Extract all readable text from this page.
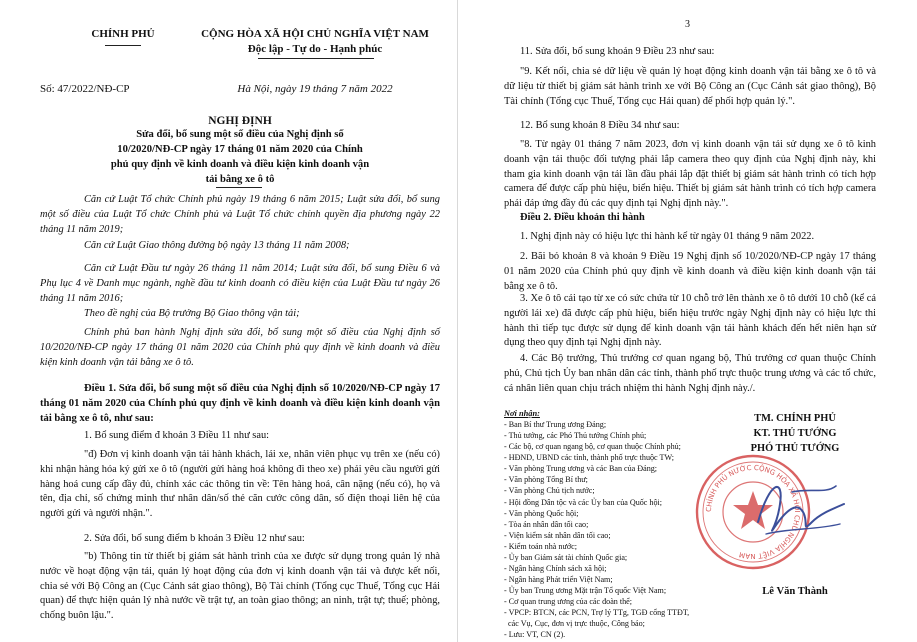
CHÍNH PHỦ	CỘNG HÒA XÃ HỘI CHỦ NGHĨA VIỆT NAM
Độc lập - Tự do - Hạnh phúc
Số: 47/2022/NĐ-CP	Hà Nội, ngày 19 tháng 7 năm 2022
NGHỊ ĐỊNH
Sửa đổi, bổ sung một số điều của Nghị định số 10/2020/NĐ-CP ngày 17 tháng 01 năm 2020 của Chính phủ quy định về kinh doanh và điều kiện kinh doanh vận tải bằng xe ô tô
Căn cứ Luật Tổ chức Chính phủ ngày 19 tháng 6 năm 2015; Luật sửa đổi, bổ sung một số điều của Luật Tổ chức Chính phủ và Luật Tổ chức chính quyền địa phương ngày 22 tháng 11 năm 2019;
Căn cứ Luật Giao thông đường bộ ngày 13 tháng 11 năm 2008;
Căn cứ Luật Đầu tư ngày 26 tháng 11 năm 2014; Luật sửa đổi, bổ sung Điều 6 và Phụ lục 4 về Danh mục ngành, nghề đầu tư kinh doanh có điều kiện của Luật Đầu tư ngày 26 tháng 11 năm 2016;
Theo đề nghị của Bộ trưởng Bộ Giao thông vận tải;
Chính phủ ban hành Nghị định sửa đổi, bổ sung một số điều của Nghị định số 10/2020/NĐ-CP ngày 17 tháng 01 năm 2020 của Chính phủ quy định về kinh doanh và điều kiện kinh doanh vận tải bằng xe ô tô.
Điều 1. Sửa đổi, bổ sung một số điều của Nghị định số 10/2020/NĐ-CP ngày 17 tháng 01 năm 2020 của Chính phủ quy định về kinh doanh và điều kiện kinh doanh vận tải bằng xe ô tô, như sau:
1. Bổ sung điểm đ khoản 3 Điều 11 như sau:
"đ) Đơn vị kinh doanh vận tải hành khách, lái xe, nhân viên phục vụ trên xe (nếu có) khi nhận hàng hóa ký gửi xe ô tô (người gửi hàng hoá không đi theo xe) phải yêu cầu người gửi hàng hoá cung cấp đầy đủ, chính xác các thông tin về: Tên hàng hoá, cân nặng (nếu có), họ và tên, địa chỉ, số chứng minh thư nhân dân/số thẻ căn cước công dân, số điện thoại liên hệ của người gửi và người nhận.".
2. Sửa đổi, bổ sung điểm b khoản 3 Điều 12 như sau:
"b) Thông tin từ thiết bị giám sát hành trình của xe được sử dụng trong quản lý nhà nước về hoạt động vận tải, quản lý hoạt động của đơn vị kinh doanh vận tải và được kết nối, chia sẻ với Bộ Công an (Cục Cảnh sát giao thông), Bộ Tài chính (Tổng cục Thuế, Tổng cục Hải quan) để thực hiện quản lý nhà nước về trật tự, an toàn giao thông; an ninh, trật tự; thuế; phòng, chống buôn lậu.".
3
11. Sửa đổi, bổ sung khoản 9 Điều 23 như sau:
"9. Kết nối, chia sẻ dữ liệu về quản lý hoạt động kinh doanh vận tải bằng xe ô tô và dữ liệu từ thiết bị giám sát hành trình xe với Bộ Công an (Cục Cảnh sát giao thông), Bộ Tài chính (Tổng cục Thuế, Tổng cục Hải quan) để phối hợp quản lý.".
12. Bổ sung khoản 8 Điều 34 như sau:
"8. Từ ngày 01 tháng 7 năm 2023, đơn vị kinh doanh vận tải sử dụng xe ô tô kinh doanh vận tải thuộc đối tượng phải lắp camera theo quy định của Nghị định này, khi tham gia kinh doanh vận tải lần đầu phải lắp đặt thiết bị giám sát hành trình có tích hợp camera để được cấp phù hiệu, biển hiệu. Thiết bị giám sát hành trình có tích hợp camera phải đáp ứng đầy đủ các quy định tại Nghị định này.".
Điều 2. Điều khoản thi hành
1. Nghị định này có hiệu lực thi hành kể từ ngày 01 tháng 9 năm 2022.
2. Bãi bỏ khoản 8 và khoản 9 Điều 19 Nghị định số 10/2020/NĐ-CP ngày 17 tháng 01 năm 2020 của Chính phủ quy định về kinh doanh và điều kiện kinh doanh vận tải bằng xe ô tô.
3. Xe ô tô cải tạo từ xe có sức chứa từ 10 chỗ trở lên thành xe ô tô dưới 10 chỗ (kể cả người lái xe) đã được cấp phù hiệu, biển hiệu trước ngày Nghị định này có hiệu lực thi hành thì tiếp tục được sử dụng để kinh doanh vận tải hành khách đến hết niên hạn sử dụng theo quy định tại Nghị định này.
4. Các Bộ trưởng, Thủ trưởng cơ quan ngang bộ, Thủ trưởng cơ quan thuộc Chính phủ, Chủ tịch Ủy ban nhân dân các tỉnh, thành phố trực thuộc trung ương và các tổ chức, cá nhân liên quan chịu trách nhiệm thi hành Nghị định này./.
Nơi nhận:
- Ban Bí thư Trung ương Đảng;
- Thủ tướng, các Phó Thủ tướng Chính phủ;
- Các bộ, cơ quan ngang bộ, cơ quan thuộc Chính phủ;
- HĐND, UBND các tỉnh, thành phố trực thuộc TW;
- Văn phòng Trung ương và các Ban của Đảng;
- Văn phòng Tổng Bí thư;
- Văn phòng Chủ tịch nước;
- Hội đồng Dân tộc và các Ủy ban của Quốc hội;
- Văn phòng Quốc hội;
- Tòa án nhân dân tối cao;
- Viện kiểm sát nhân dân tối cao;
- Kiểm toán nhà nước;
- Ủy ban Giám sát tài chính Quốc gia;
- Ngân hàng Chính sách xã hội;
- Ngân hàng Phát triển Việt Nam;
- Ủy ban Trung ương Mặt trận Tổ quốc Việt Nam;
- Cơ quan trung ương của các đoàn thể;
- VPCP: BTCN, các PCN, Trợ lý TTg, TGĐ cổng TTĐT,
các Vụ, Cục, đơn vị trực thuộc, Công báo;
- Lưu: VT, CN (2).
TM. CHÍNH PHỦ
KT. THỦ TƯỚNG
PHÓ THỦ TƯỚNG
CHÍNH PHỦ NƯỚC CỘNG HÒA XÃ HỘI CHỦ NGHĨA VIỆT NAM
Lê Văn Thành
